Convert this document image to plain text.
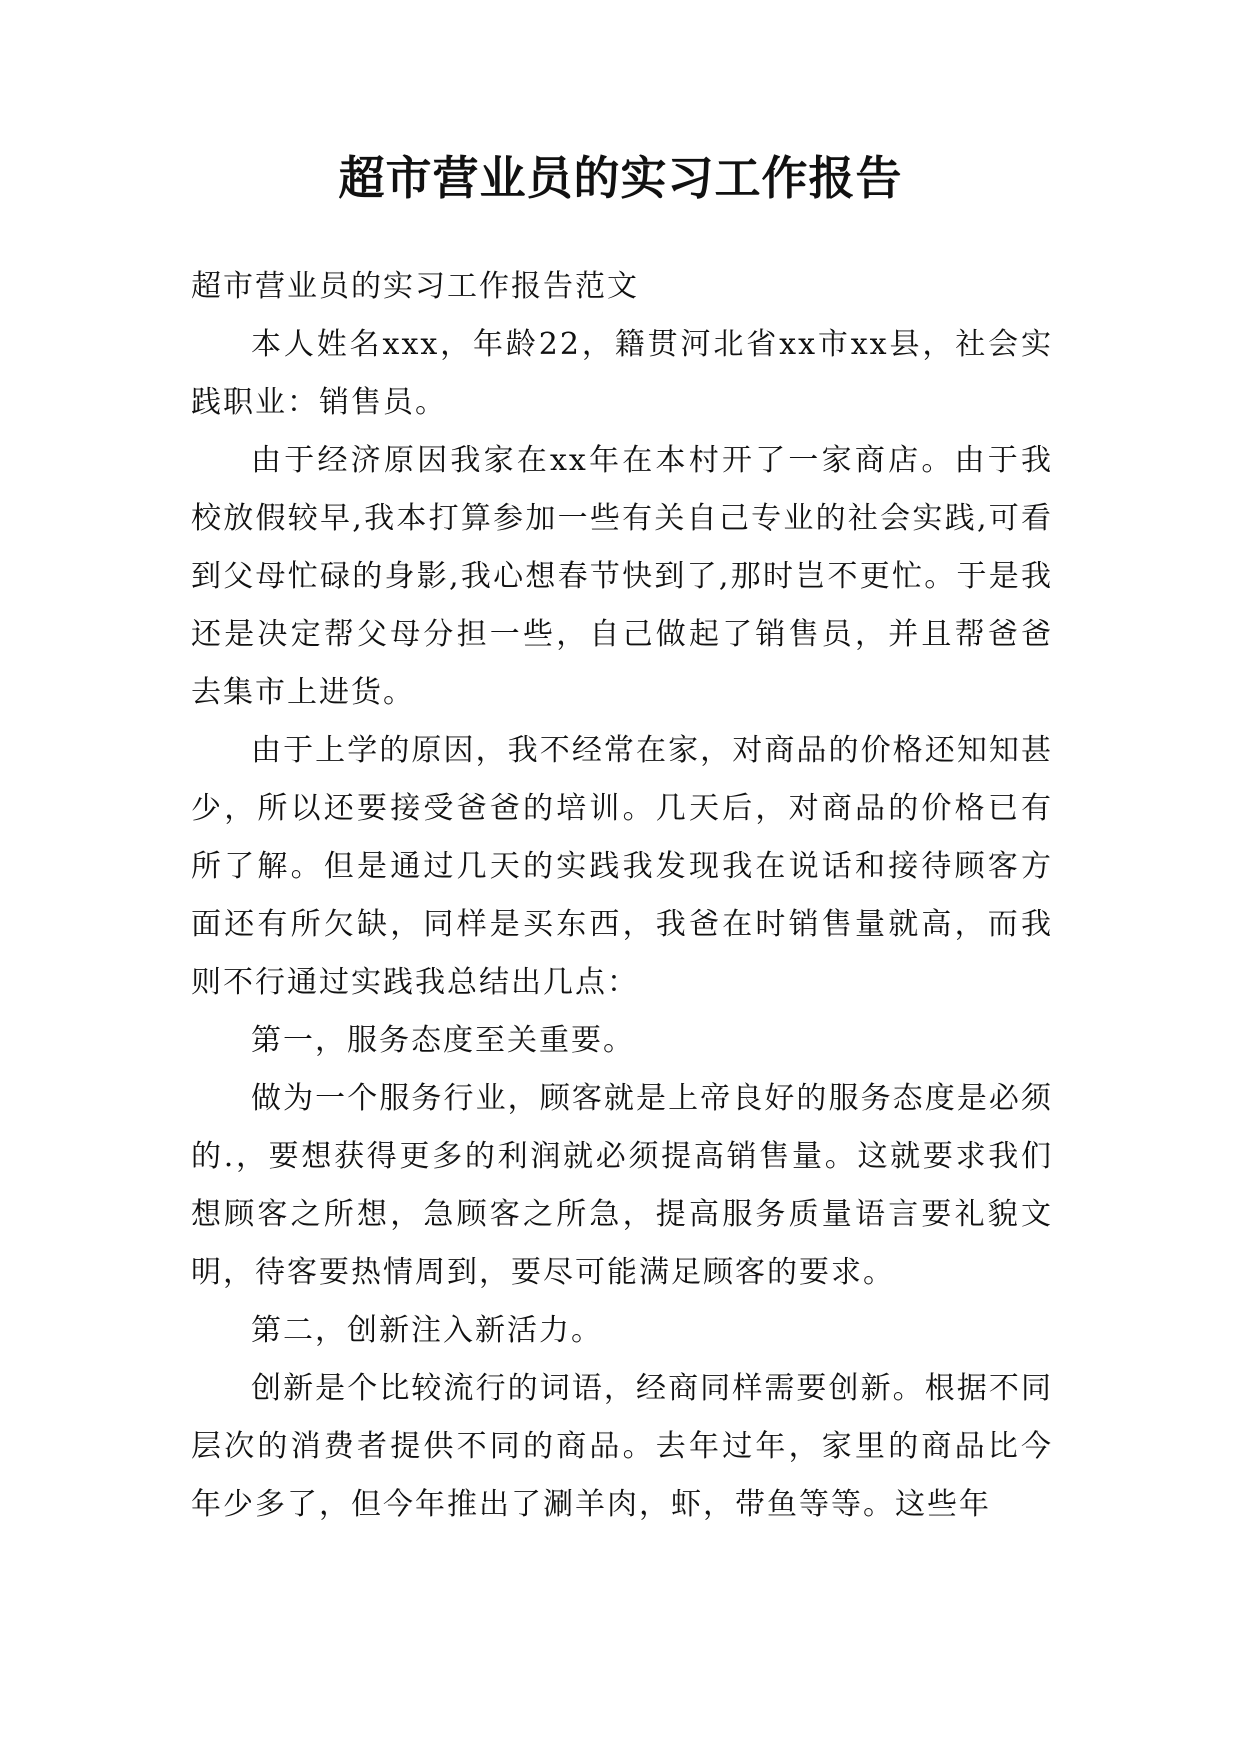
超市营业员的实习工作报告

超市营业员的实习工作报告范文

本人姓名xxx，年龄22，籍贯河北省xx市xx县，社会实践职业：销售员。

由于经济原因我家在xx年在本村开了一家商店。由于我校放假较早,我本打算参加一些有关自己专业的社会实践,可看到父母忙碌的身影,我心想春节快到了,那时岂不更忙。于是我还是决定帮父母分担一些，自己做起了销售员，并且帮爸爸去集市上进货。

由于上学的原因，我不经常在家，对商品的价格还知知甚少，所以还要接受爸爸的培训。几天后，对商品的价格已有所了解。但是通过几天的实践我发现我在说话和接待顾客方面还有所欠缺，同样是买东西，我爸在时销售量就高，而我则不行通过实践我总结出几点：

第一，服务态度至关重要。

做为一个服务行业，顾客就是上帝良好的服务态度是必须的.，要想获得更多的利润就必须提高销售量。这就要求我们想顾客之所想，急顾客之所急，提高服务质量语言要礼貌文明，待客要热情周到，要尽可能满足顾客的要求。

第二，创新注入新活力。

创新是个比较流行的词语，经商同样需要创新。根据不同层次的消费者提供不同的商品。去年过年，家里的商品比今年少多了，但今年推出了涮羊肉，虾，带鱼等等。这些年
